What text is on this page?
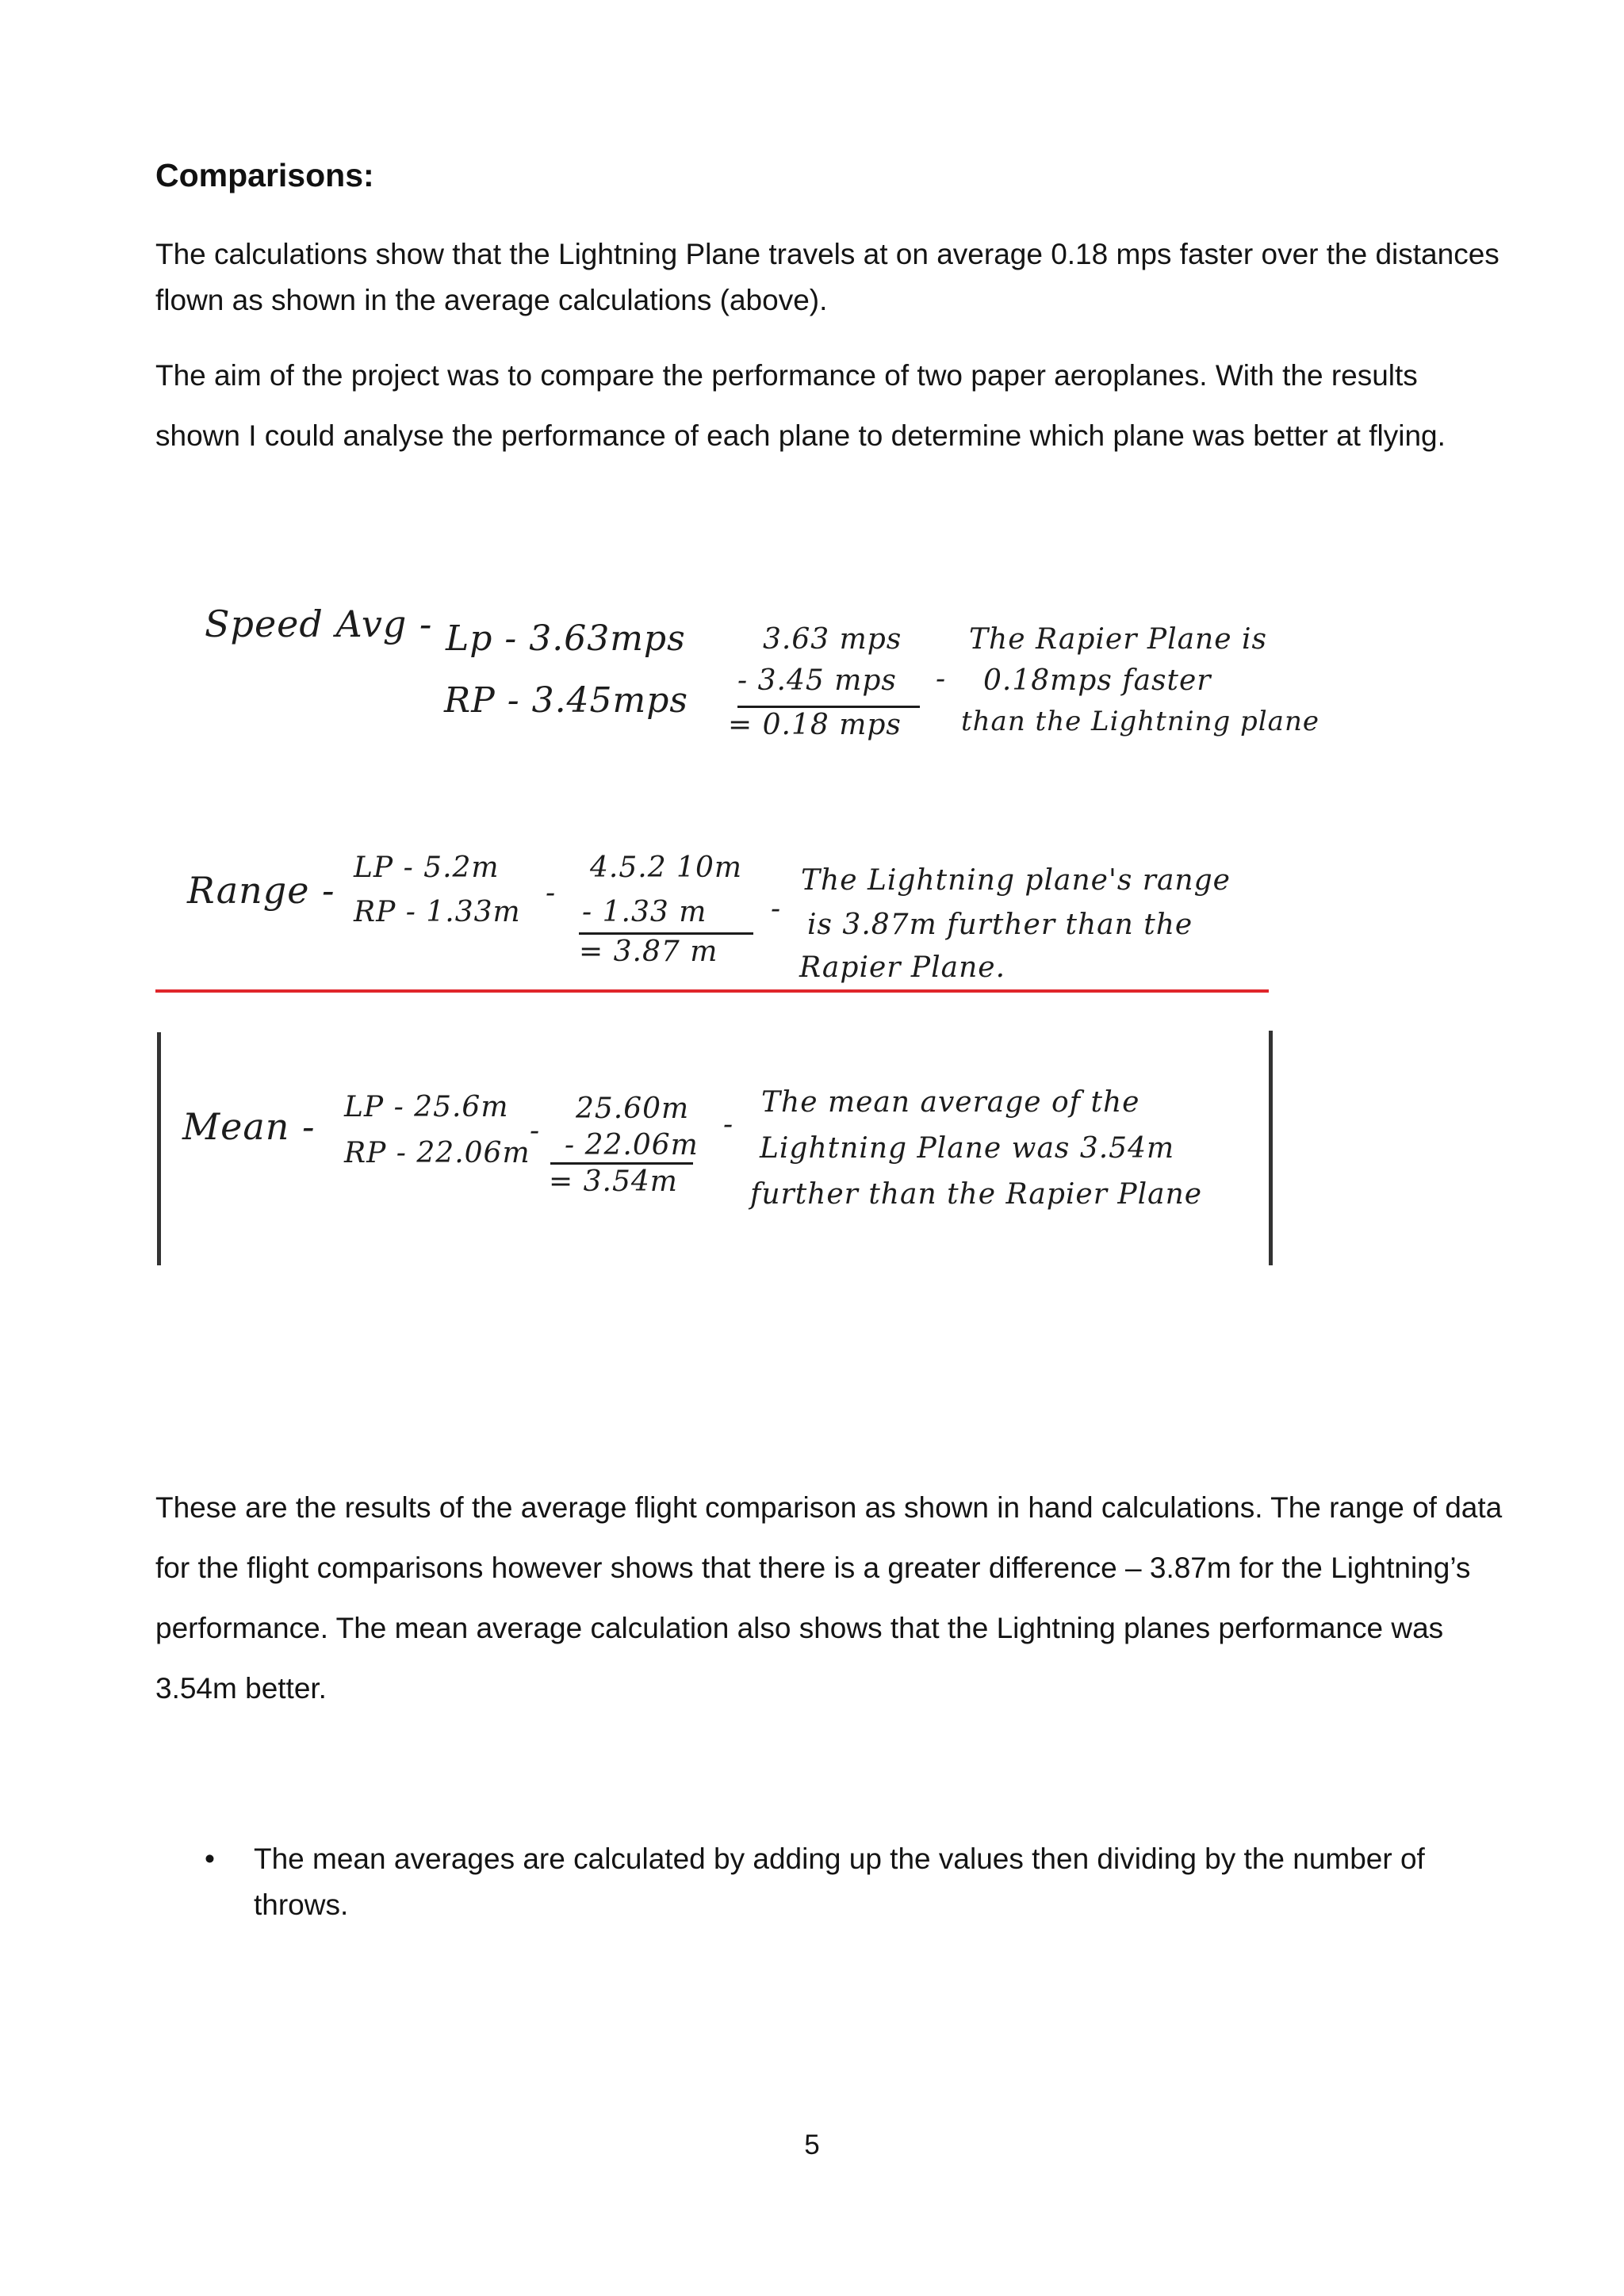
Comparisons:

The calculations show that the Lightning Plane travels at on average 0.18 mps faster over the distances flown as shown in the average calculations (above).

The aim of the project was to compare the performance of two paper aeroplanes. With the results shown I could analyse the performance of each plane to determine which plane was better at flying.

Speed Avg - Lp - 3.63mps
RP - 3.45mps
3.63 mps
- 3.45 mps
= 0.18 mps
-
The Rapier Plane is
0.18mps faster
than the Lightning plane
Range -
LP - 5.2m
RP - 1.33m
-
4.5.2 10m
- 1.33 m
= 3.87 m
-
The Lightning plane's range
is 3.87m further than the
Rapier Plane.
Mean - LP - 25.6m
RP - 22.06m
-
25.60m
- 22.06m
= 3.54m
-
The mean average of the
Lightning Plane was 3.54m
further than the Rapier Plane

These are the results of the average flight comparison as shown in hand calculations. The range of data for the flight comparisons however shows that there is a greater difference – 3.87m for the Lightning’s performance. The mean average calculation also shows that the Lightning planes performance was 3.54m better.

• The mean averages are calculated by adding up the values then dividing by the number of throws.
5
